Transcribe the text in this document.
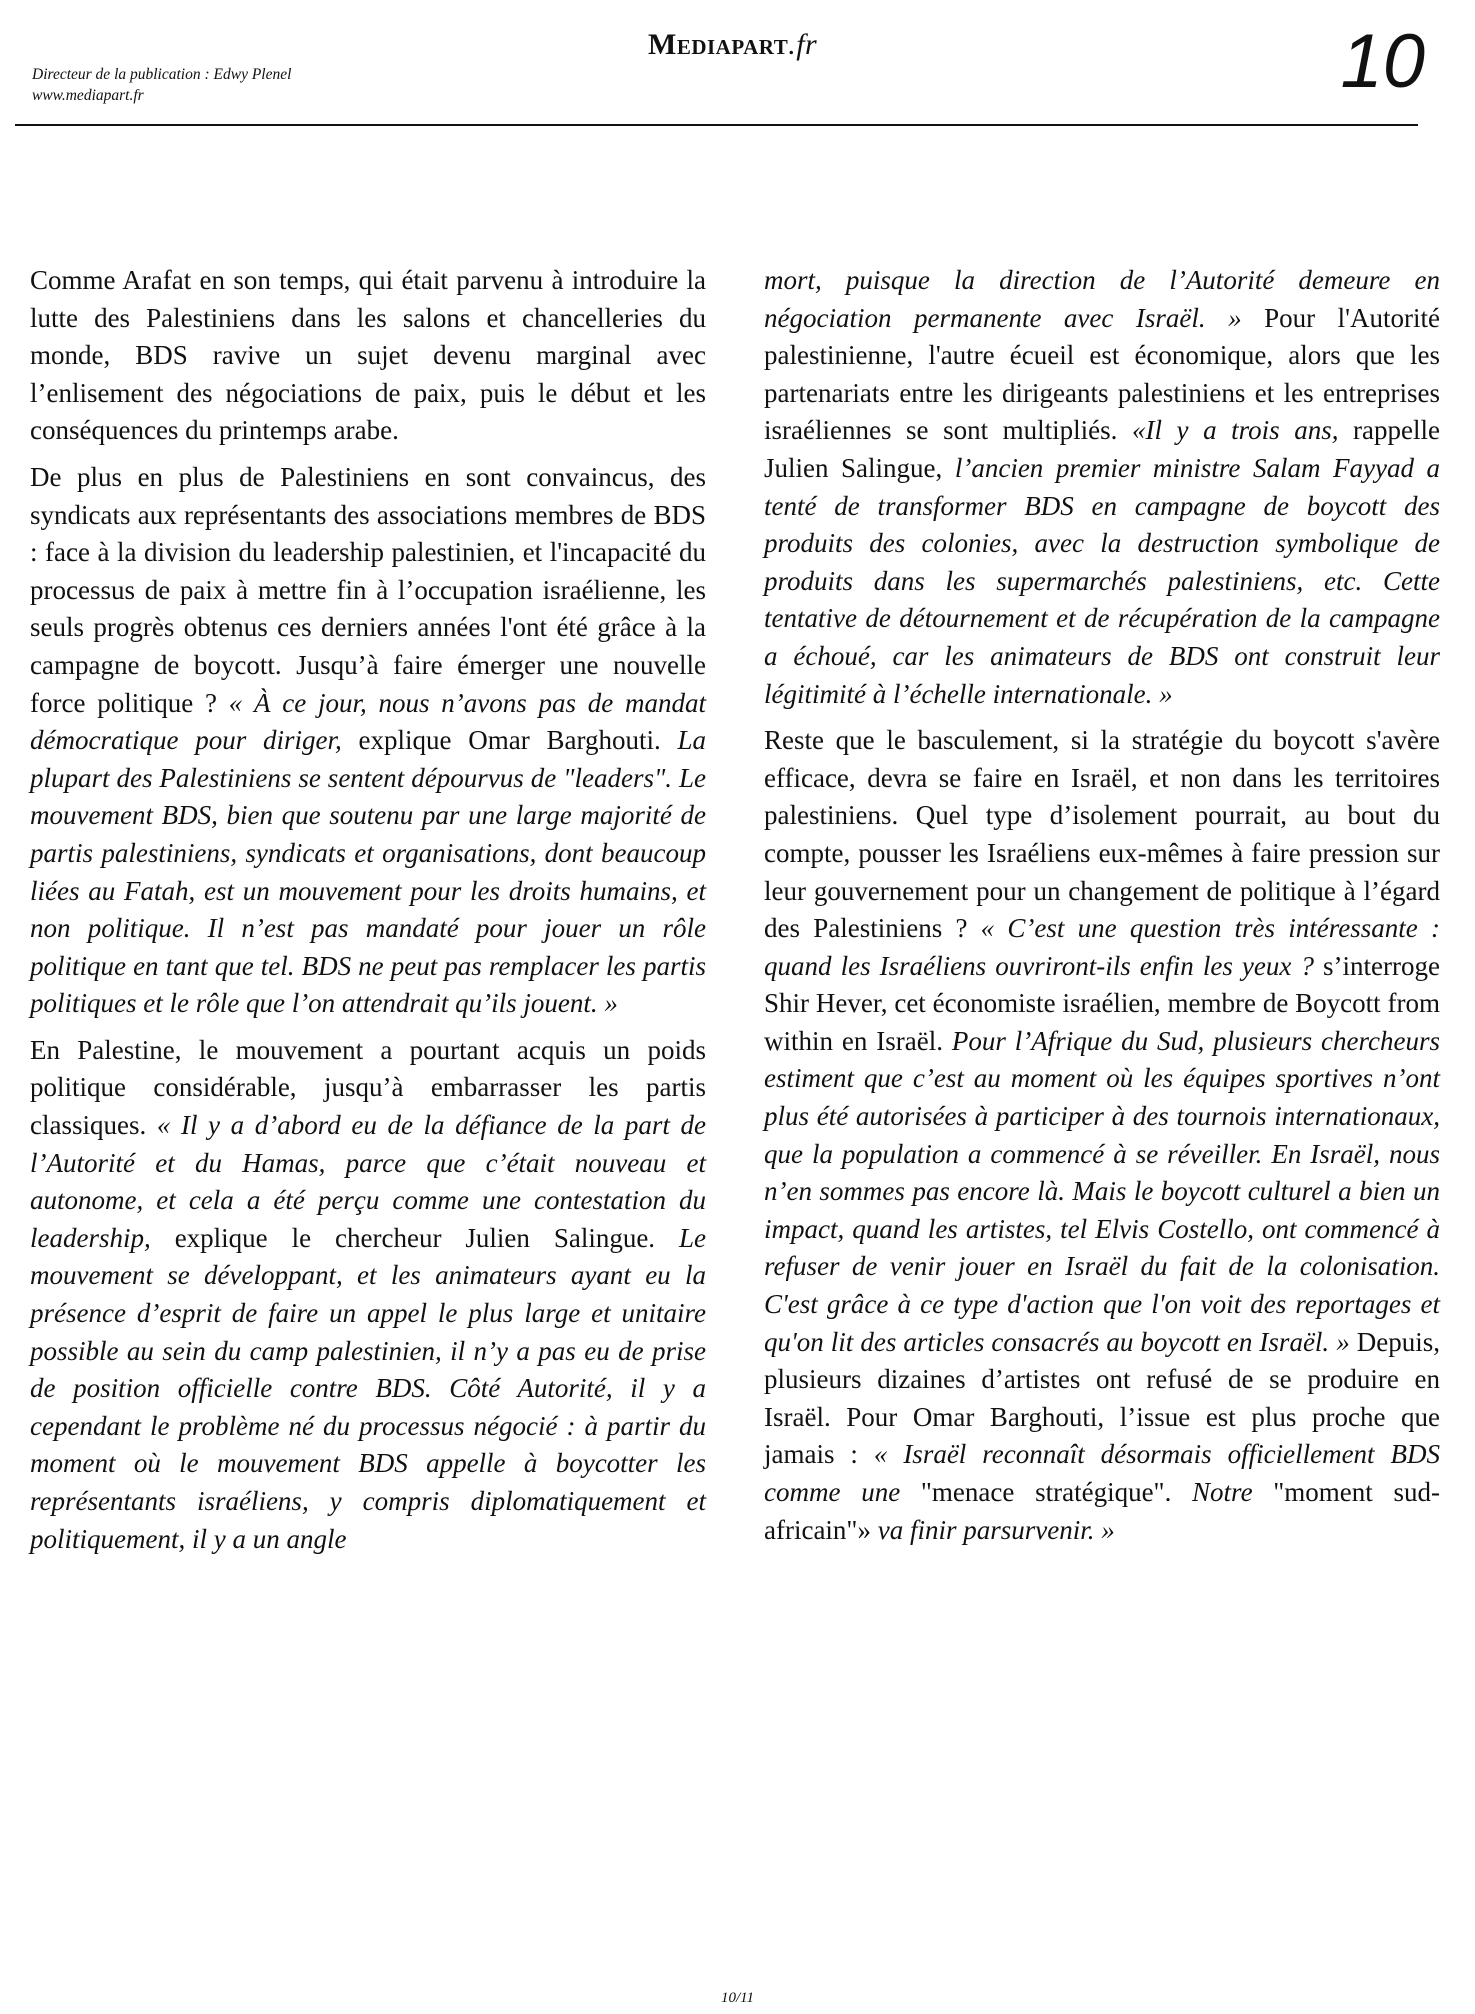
Directeur de la publication : Edwy Plenel
www.mediapart.fr
Mediapart.fr	10

Comme Arafat en son temps, qui était parvenu à introduire la lutte des Palestiniens dans les salons et chancelleries du monde, BDS ravive un sujet devenu marginal avec l’enlisement des négociations de paix, puis le début et les conséquences du printemps arabe.

De plus en plus de Palestiniens en sont convaincus, des syndicats aux représentants des associations membres de BDS : face à la division du leadership palestinien, et l'incapacité du processus de paix à mettre fin à l’occupation israélienne, les seuls progrès obtenus ces derniers années l'ont été grâce à la campagne de boycott. Jusqu’à faire émerger une nouvelle force politique ? « À ce jour, nous n’avons pas de mandat démocratique pour diriger, explique Omar Barghouti. La plupart des Palestiniens se sentent dépourvus de "leaders". Le mouvement BDS, bien que soutenu par une large majorité de partis palestiniens, syndicats et organisations, dont beaucoup liées au Fatah, est un mouvement pour les droits humains, et non politique. Il n’est pas mandaté pour jouer un rôle politique en tant que tel. BDS ne peut pas remplacer les partis politiques et le rôle que l’on attendrait qu’ils jouent. »

En Palestine, le mouvement a pourtant acquis un poids politique considérable, jusqu’à embarrasser les partis classiques. « Il y a d’abord eu de la défiance de la part de l’Autorité et du Hamas, parce que c’était nouveau et autonome, et cela a été perçu comme une contestation du leadership, explique le chercheur Julien Salingue. Le mouvement se développant, et les animateurs ayant eu la présence d’esprit de faire un appel le plus large et unitaire possible au sein du camp palestinien, il n’y a pas eu de prise de position officielle contre BDS. Côté Autorité, il y a cependant le problème né du processus négocié : à partir du moment où le mouvement BDS appelle à boycotter les représentants israéliens, y compris diplomatiquement et politiquement, il y a un angle

mort, puisque la direction de l’Autorité demeure en négociation permanente avec Israël. » Pour l'Autorité palestinienne, l'autre écueil est économique, alors que les partenariats entre les dirigeants palestiniens et les entreprises israéliennes se sont multipliés. «Il y a trois ans, rappelle Julien Salingue, l’ancien premier ministre Salam Fayyad a tenté de transformer BDS en campagne de boycott des produits des colonies, avec la destruction symbolique de produits dans les supermarchés palestiniens, etc. Cette tentative de détournement et de récupération de la campagne a échoué, car les animateurs de BDS ont construit leur légitimité à l’échelle internationale. »

Reste que le basculement, si la stratégie du boycott s'avère efficace, devra se faire en Israël, et non dans les territoires palestiniens. Quel type d’isolement pourrait, au bout du compte, pousser les Israéliens eux-mêmes à faire pression sur leur gouvernement pour un changement de politique à l’égard des Palestiniens ? « C’est une question très intéressante : quand les Israéliens ouvriront-ils enfin les yeux ? s’interroge Shir Hever, cet économiste israélien, membre de Boycott from within en Israël. Pour l’Afrique du Sud, plusieurs chercheurs estiment que c’est au moment où les équipes sportives n’ont plus été autorisées à participer à des tournois internationaux, que la population a commencé à se réveiller. En Israël, nous n’en sommes pas encore là. Mais le boycott culturel a bien un impact, quand les artistes, tel Elvis Costello, ont commencé à refuser de venir jouer en Israël du fait de la colonisation. C'est grâce à ce type d'action que l'on voit des reportages et qu'on lit des articles consacrés au boycott en Israël. » Depuis, plusieurs dizaines d’artistes ont refusé de se produire en Israël. Pour Omar Barghouti, l’issue est plus proche que jamais : « Israël reconnaît désormais officiellement BDS comme une "menace stratégique". Notre "moment sud-africain"» va finir parsurvenir. »

10/11
